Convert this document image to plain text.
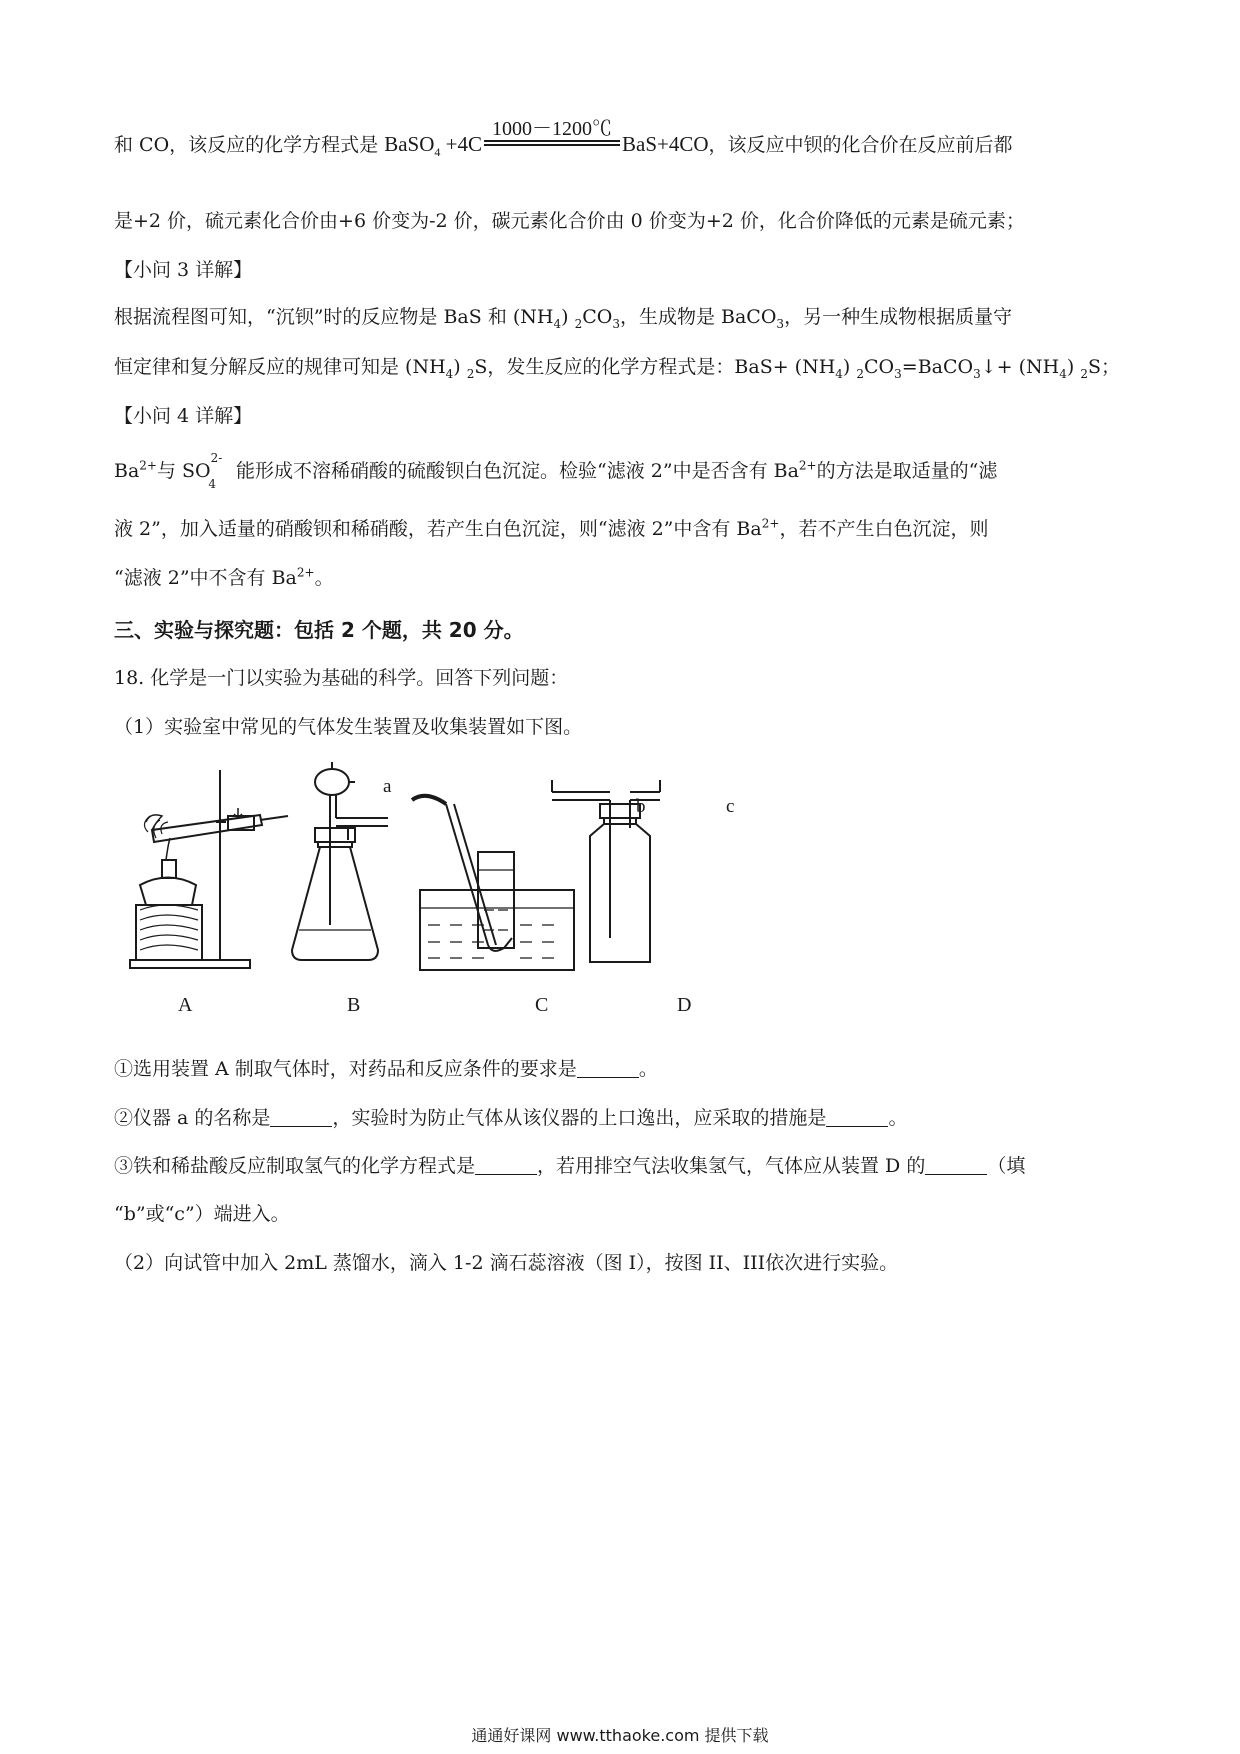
和 CO，该反应的化学方程式是 BaSO$_4$ +4C
1000－1200℃
BaS+4CO，该反应中钡的化合价在反应前后都
是+2 价，硫元素化合价由+6 价变为-2 价，碳元素化合价由 0 价变为+2 价，化合价降低的元素是硫元素；
【小问 3 详解】
根据流程图可知，“沉钡”时的反应物是 BaS 和 $(NH_4)$ $_2CO_3$，生成物是 BaCO$_3$，另一种生成物根据质量守
恒定律和复分解反应的规律可知是 $(NH_4)$ $_2$S，发生反应的化学方程式是：$BaS+ (NH_4)$ $_2CO_3=BaCO_3↓+ (NH_4)$ $_2$S；
【小问 4 详解】
$Ba^{2+}$与 $SO^{2-}_4$ 能形成不溶稀硝酸的硫酸钡白色沉淀。检验“滤液 2”中是否含有 $Ba^{2+}$的方法是取适量的“滤
液 2”，加入适量的硝酸钡和稀硝酸，若产生白色沉淀，则“滤液 2”中含有 $Ba^{2+}$，若不产生白色沉淀，则
“滤液 2”中不含有 $Ba^{2+}$。
三、实验与探究题：包括 2 个题，共 20 分。
18. 化学是一门以实验为基础的科学。回答下列问题：
（1）实验室中常见的气体发生装置及收集装置如下图。
a
b	c
A	B	C	D
①选用装置 A 制取气体时，对药品和反应条件的要求是	。
②仪器 a 的名称是	，实验时为防止气体从该仪器的上口逸出，应采取的措施是	。
③铁和稀盐酸反应制取氢气的化学方程式是	，若用排空气法收集氢气，气体应从装置 D 的	（填
“b”或“c”）端进入。
（2）向试管中加入 2mL 蒸馏水，滴入 1-2 滴石蕊溶液（图 I），按图 II、III依次进行实验。
通通好课网 www.tthaoke.com 提供下载
